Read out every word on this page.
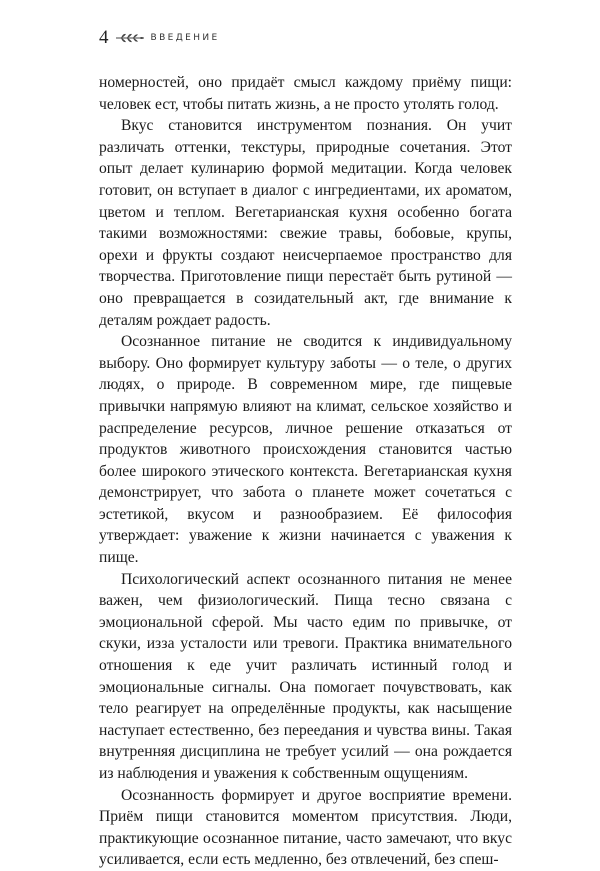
4	ВВЕДЕНИЕ

номерностей, оно придаёт смысл каждому приёму пищи: человек ест, чтобы питать жизнь, а не просто утолять голод.

Вкус становится инструментом познания. Он учит различать оттенки, текстуры, природные сочетания. Этот опыт делает кулинарию формой медитации. Когда человек готовит, он вступает в диалог с ингредиентами, их ароматом, цветом и теплом. Вегетарианская кухня особенно богата такими возможностями: свежие травы, бобовые, крупы, орехи и фрукты создают неисчерпаемое пространство для творчества. Приготовление пищи перестаёт быть рутиной — оно превращается в созидательный акт, где внимание к деталям рождает радость.

Осознанное питание не сводится к индивидуальному выбору. Оно формирует культуру заботы — о теле, о других людях, о природе. В современном мире, где пищевые привычки напрямую влияют на климат, сельское хозяйство и распределение ресурсов, личное решение отказаться от продуктов животного происхождения становится частью более широкого этического контекста. Вегетарианская кухня демонстрирует, что забота о планете может сочетаться с эстетикой, вкусом и разнообразием. Её философия утверждает: уважение к жизни начинается с уважения к пище.

Психологический аспект осознанного питания не менее важен, чем физиологический. Пища тесно связана с эмоциональной сферой. Мы часто едим по привычке, от скуки, изза усталости или тревоги. Практика внимательного отношения к еде учит различать истинный голод и эмоциональные сигналы. Она помогает почувствовать, как тело реагирует на определённые продукты, как насыщение наступает естественно, без переедания и чувства вины. Такая внутренняя дисциплина не требует усилий — она рождается из наблюдения и уважения к собственным ощущениям.

Осознанность формирует и другое восприятие времени. Приём пищи становится моментом присутствия. Люди, практикующие осознанное питание, часто замечают, что вкус усиливается, если есть медленно, без отвлечений, без спеш-
